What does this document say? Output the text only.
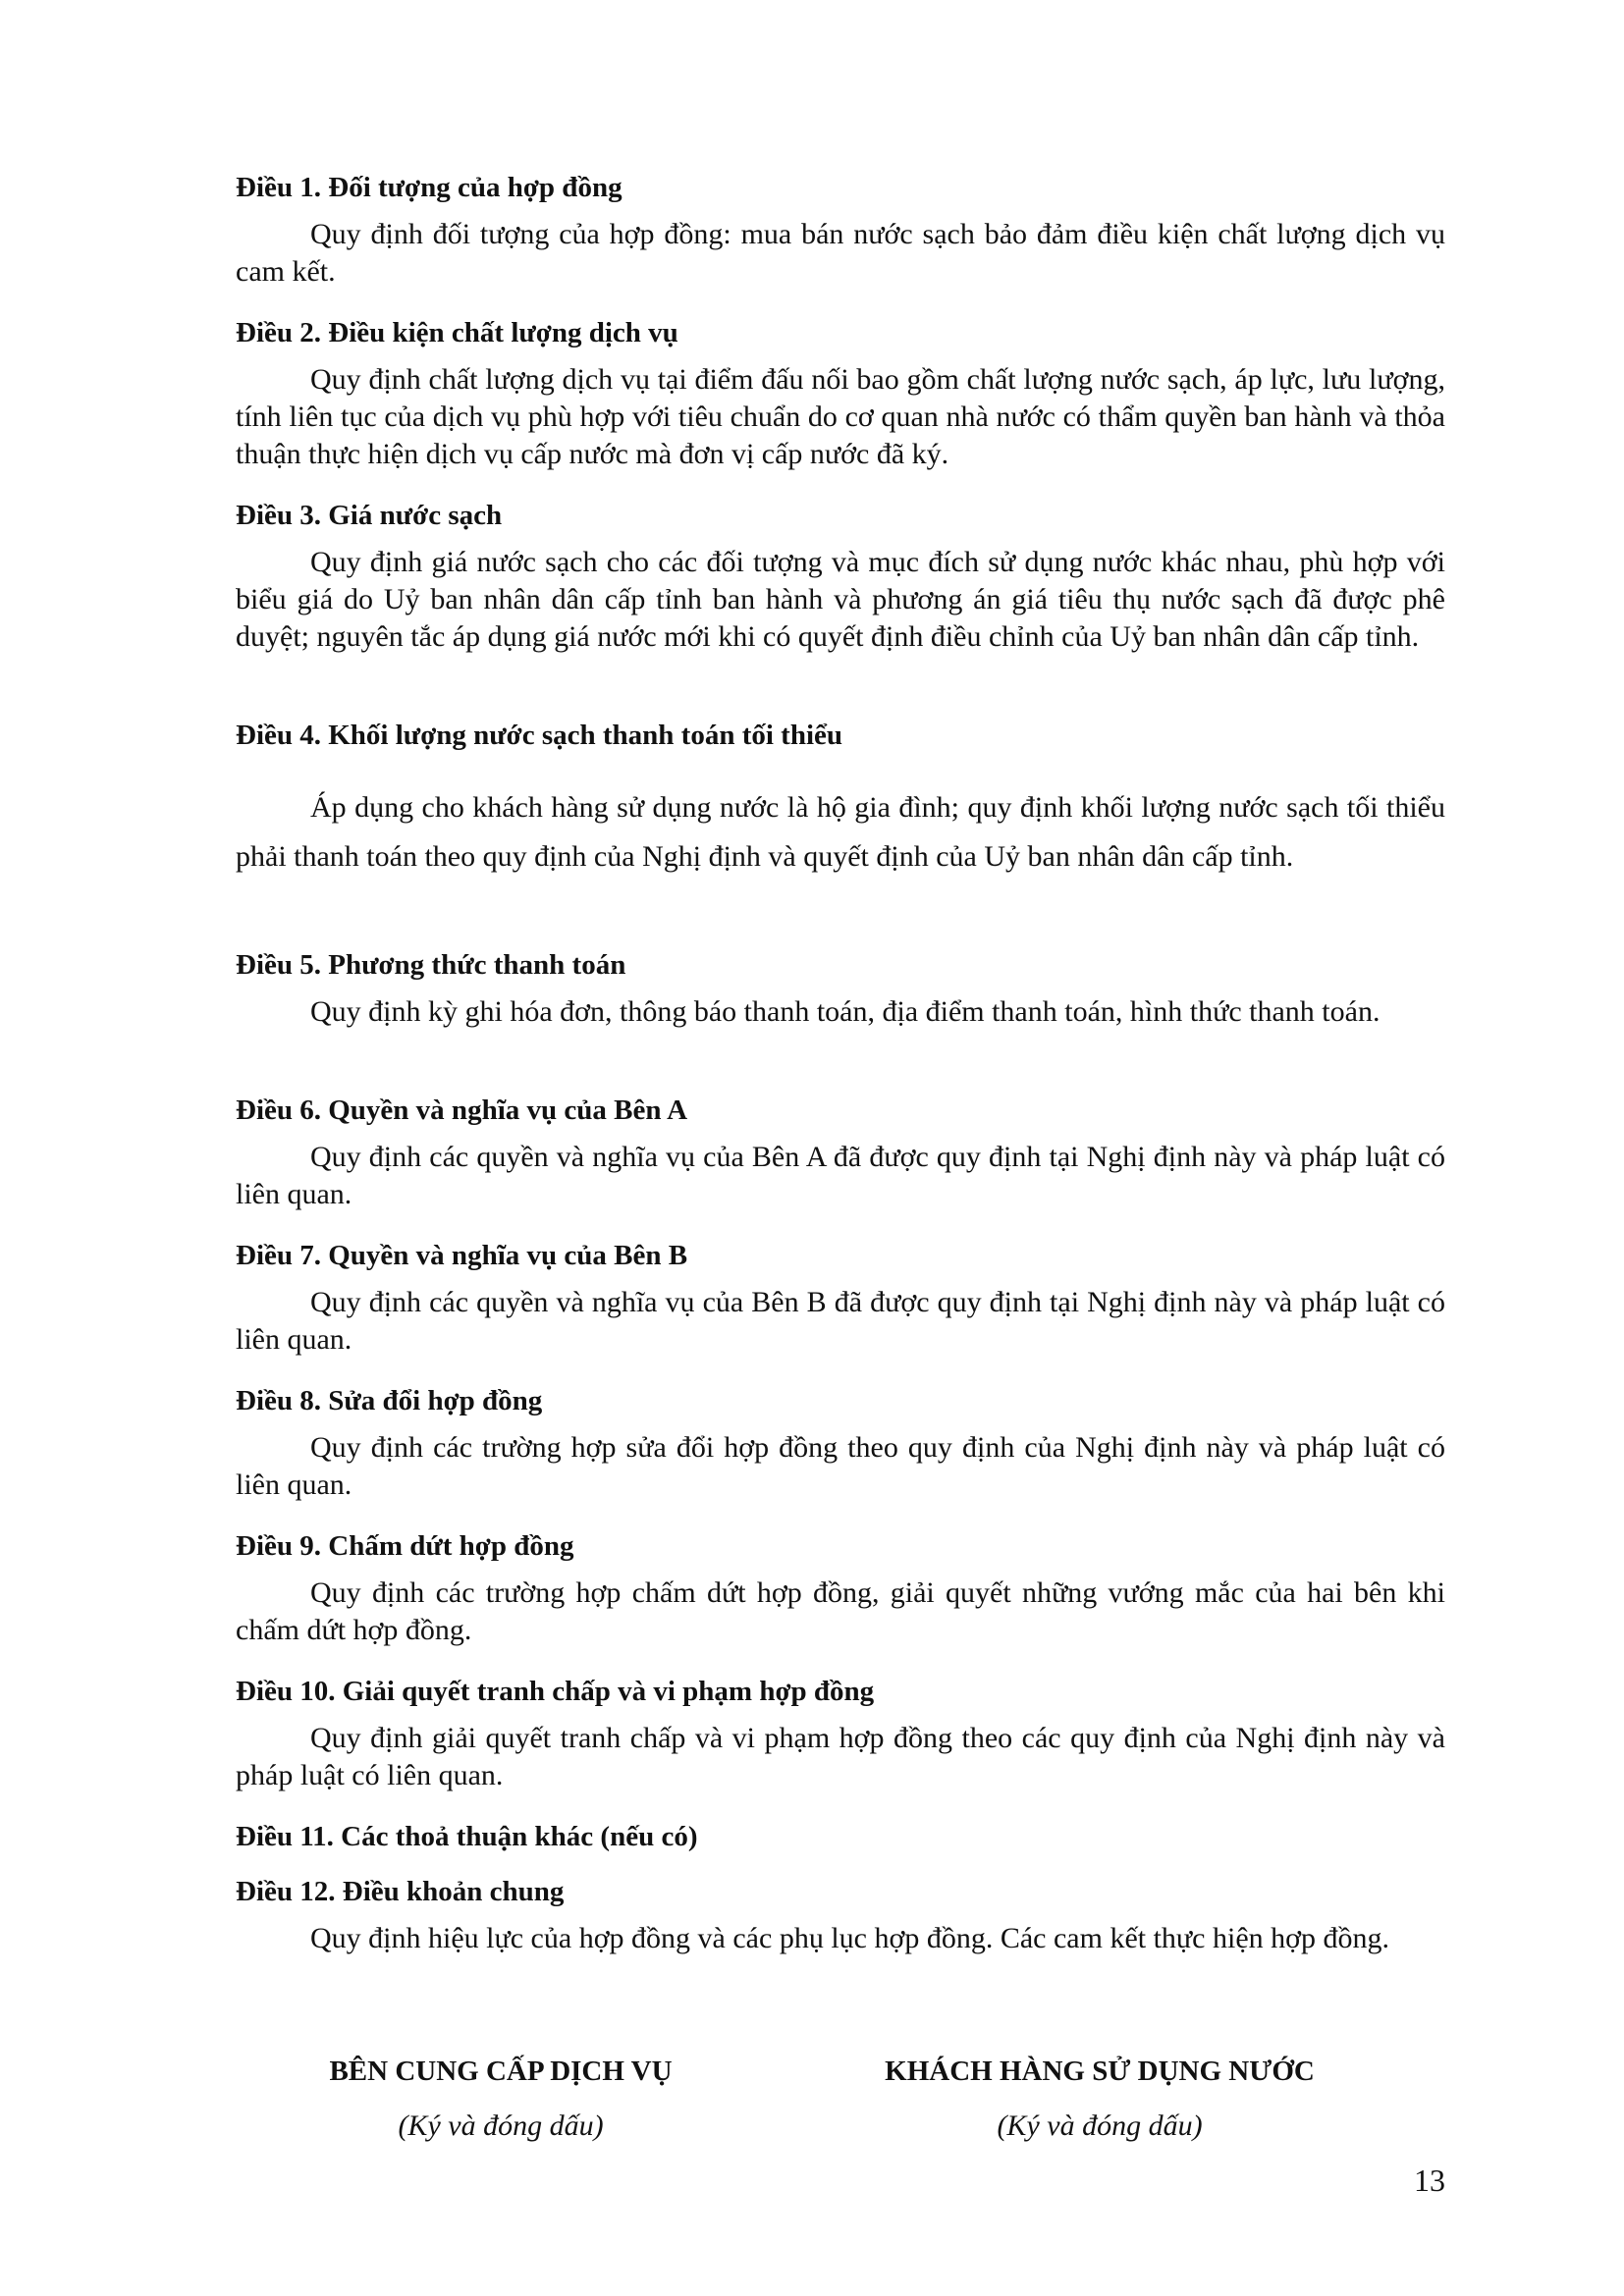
Điều 1. Đối tượng của hợp đồng

Quy định đối tượng của hợp đồng: mua bán nước sạch bảo đảm điều kiện chất lượng dịch vụ cam kết.

Điều 2. Điều kiện chất lượng dịch vụ

Quy định chất lượng dịch vụ tại điểm đấu nối bao gồm chất lượng nước sạch, áp lực, lưu lượng, tính liên tục của dịch vụ phù hợp với tiêu chuẩn do cơ quan nhà nước có thẩm quyền ban hành và thỏa thuận thực hiện dịch vụ cấp nước mà đơn vị cấp nước đã ký.

Điều 3. Giá nước sạch

Quy định giá nước sạch cho các đối tượng và mục đích sử dụng nước khác nhau, phù hợp với biểu giá do Uỷ ban nhân dân cấp tỉnh ban hành và phương án giá tiêu thụ nước sạch đã được phê duyệt; nguyên tắc áp dụng giá nước mới khi có quyết định điều chỉnh của Uỷ ban nhân dân cấp tỉnh.

Điều 4. Khối lượng nước sạch thanh toán tối thiểu

Áp dụng cho khách hàng sử dụng nước là hộ gia đình; quy định khối lượng nước sạch tối thiểu phải thanh toán theo quy định của Nghị định và quyết định của Uỷ ban nhân dân cấp tỉnh.

Điều 5. Phương thức thanh toán

Quy định kỳ ghi hóa đơn, thông báo thanh toán, địa điểm thanh toán, hình thức thanh toán.

Điều 6. Quyền và nghĩa vụ của Bên A

Quy định các quyền và nghĩa vụ của Bên A đã được quy định tại Nghị định này và pháp luật có liên quan.

Điều 7. Quyền và nghĩa vụ của Bên B

Quy định các quyền và nghĩa vụ của Bên B đã được quy định tại Nghị định này và pháp luật có liên quan.

Điều 8. Sửa đổi hợp đồng

Quy định các trường hợp sửa đổi hợp đồng theo quy định của Nghị định này và pháp luật có liên quan.

Điều 9. Chấm dứt hợp đồng

Quy định các trường hợp chấm dứt hợp đồng, giải quyết những vướng mắc của hai bên khi chấm dứt hợp đồng.

Điều 10. Giải quyết tranh chấp và vi phạm hợp đồng

Quy định giải quyết tranh chấp và vi phạm hợp đồng theo các quy định của Nghị định này và pháp luật có liên quan.

Điều 11. Các thoả thuận khác (nếu có)

Điều 12. Điều khoản chung

Quy định hiệu lực của hợp đồng và các phụ lục hợp đồng. Các cam kết thực hiện hợp đồng.

BÊN CUNG CẤP DỊCH VỤ

(Ký và đóng dấu)

KHÁCH HÀNG SỬ DỤNG NƯỚC

(Ký và đóng dấu)

13
